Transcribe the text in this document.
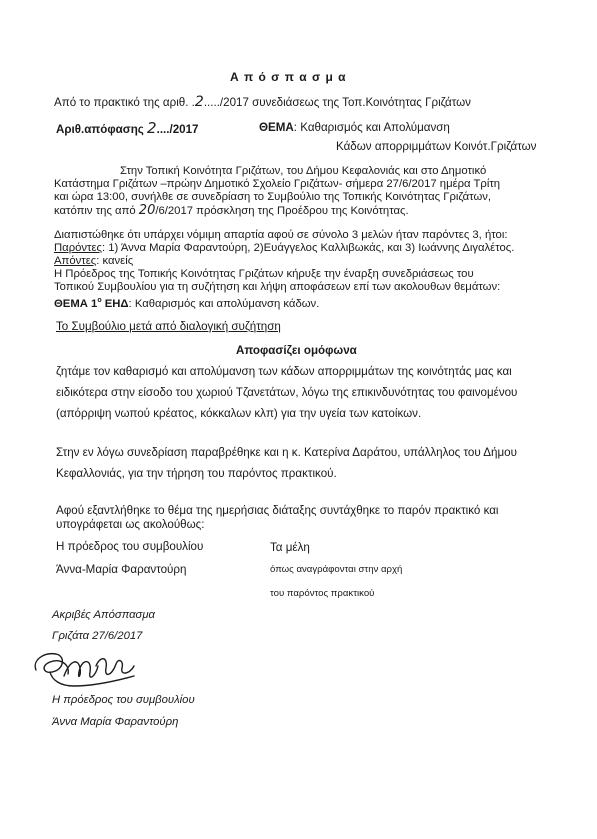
Α π ό σ π α σ μ α
Από το πρακτικό της αριθ. .2...../2017 συνεδιάσεως της Τοπ.Κοινότητας Γριζάτων
Αριθ.απόφασης 2..../2017	ΘΕΜΑ: Καθαρισμός και Απολύμανση
Κάδων απορριμμάτων Κοινότ.Γριζάτων
Στην Τοπική Κοινότητα Γριζάτων, του Δήμου Κεφαλονιάς και στο Δημοτικό
Κατάστημα Γριζάτων –πρώην Δημοτικό Σχολείο Γριζάτων- σήμερα 27/6/2017 ημέρα Τρίτη
και ώρα 13:00, συνήλθε σε συνεδρίαση το Συμβούλιο της Τοπικής Κοινότητας Γριζάτων,
κατόπιν της από 20/6/2017 πρόσκληση της Προέδρου της Κοινότητας.
Διαπιστώθηκε ότι υπάρχει νόμιμη απαρτία αφού σε σύνολο 3 μελών ήταν παρόντες 3, ήτοι:
Παρόντες: 1) Άννα Μαρία Φαραντούρη, 2)Ευάγγελος Καλλιβωκάς, και 3) Ιωάννης Διγαλέτος.
Απόντες: κανείς
Η Πρόεδρος της Τοπικής Κοινότητας Γριζάτων κήρυξε την έναρξη συνεδριάσεως του
Τοπικού Συμβουλίου για τη συζήτηση και λήψη αποφάσεων επί των ακολουθων θεμάτων:
ΘΕΜΑ $1^o$ ΕΗΔ: Καθαρισμός και απολύμανση κάδων.
Το Συμβούλιο μετά από διαλογική συζήτηση
Αποφασίζει ομόφωνα
ζητάμε τον καθαρισμό και απολύμανση των κάδων απορριμμάτων της κοινότητάς μας και
ειδικότερα στην είσοδο του χωριού Τζανετάτων, λόγω της επικινδυνότητας του φαινομένου
(απόρριψη νωπού κρέατος, κόκκαλων κλπ) για την υγεία των κατοίκων.
Στην εν λόγω συνεδρίαση παραβρέθηκε και η κ. Κατερίνα Δαράτου, υπάλληλος του Δήμου
Κεφαλλονιάς, για την τήρηση του παρόντος πρακτικού.
Αφού εξαντλήθηκε το θέμα της ημερήσιας διάταξης συντάχθηκε το παρόν πρακτικό και
υπογράφεται ως ακολούθως:
Η πρόεδρος του συμβουλίου
Άννα-Μαρία Φαραντούρη
Τα μέλη
όπως αναγράφονται στην αρχή
του παρόντος πρακτικού
Ακριβές Απόσπασμα
Γριζάτα 27/6/2017
Η πρόεδρος του συμβουλίου
Άννα Μαρία Φαραντούρη
